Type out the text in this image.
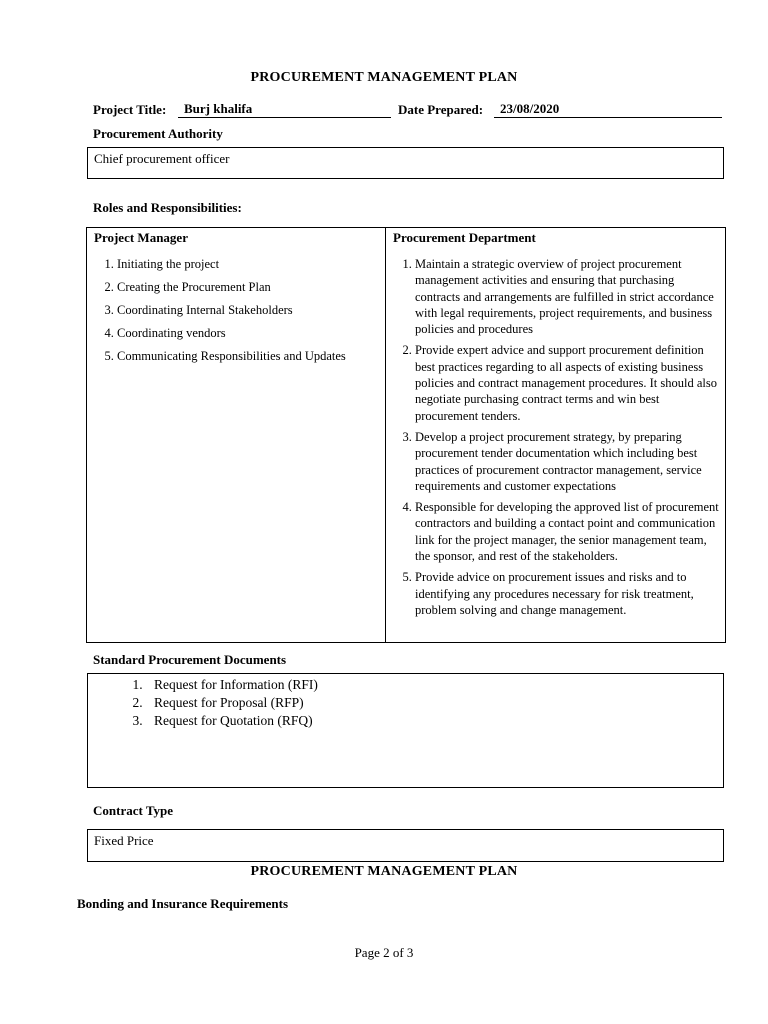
PROCUREMENT MANAGEMENT PLAN
Project Title:	Burj khalifa	Date Prepared:	23/08/2020
Procurement Authority
Chief procurement officer
Roles and Responsibilities:
Project Manager
1. Initiating the project
2. Creating the Procurement Plan
3. Coordinating Internal Stakeholders
4. Coordinating vendors
5. Communicating Responsibilities and Updates

Procurement Department
1. Maintain a strategic overview of project procurement management activities and ensuring that purchasing contracts and arrangements are fulfilled in strict accordance with legal requirements, project requirements, and business policies and procedures
2. Provide expert advice and support procurement definition best practices regarding to all aspects of existing business policies and contract management procedures. It should also negotiate purchasing contract terms and win best procurement tenders.
3. Develop a project procurement strategy, by preparing procurement tender documentation which including best practices of procurement contractor management, service requirements and customer expectations
4. Responsible for developing the approved list of procurement contractors and building a contact point and communication link for the project manager, the senior management team, the sponsor, and rest of the stakeholders.
5. Provide advice on procurement issues and risks and to identifying any procedures necessary for risk treatment, problem solving and change management.
Standard Procurement Documents
1. Request for Information (RFI)
2. Request for Proposal (RFP)
3. Request for Quotation (RFQ)
Contract Type
Fixed Price
PROCUREMENT MANAGEMENT PLAN
Bonding and Insurance Requirements
Page 2 of 3
